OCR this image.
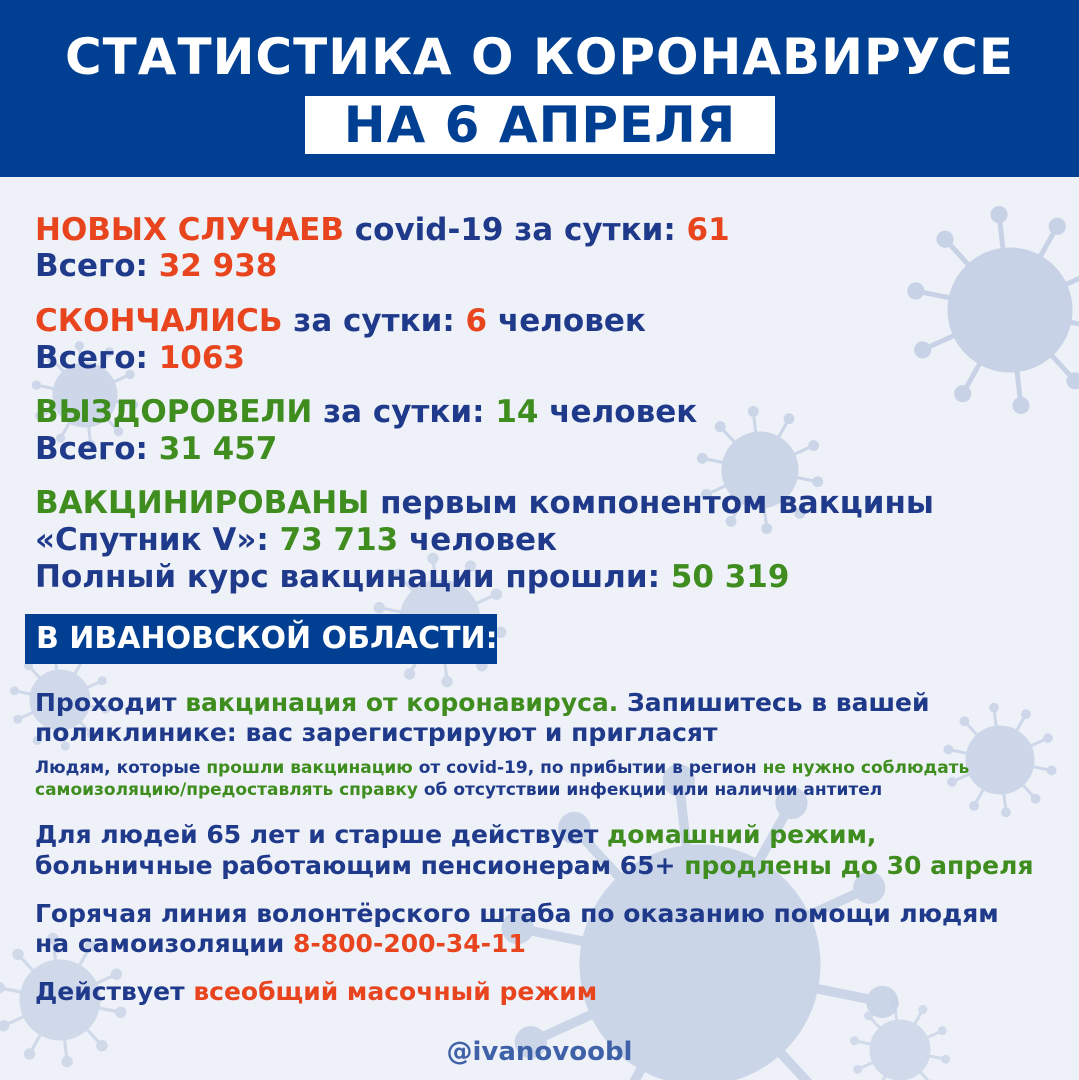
СТАТИСТИКА О КОРОНАВИРУСЕ
НА 6 АПРЕЛЯ
НОВЫХ СЛУЧАЕВ covid-19 за сутки: 61
Всего: 32 938
СКОНЧАЛИСЬ за сутки: 6 человек
Всего: 1063
ВЫЗДОРОВЕЛИ за сутки: 14 человек
Всего: 31 457
ВАКЦИНИРОВАНЫ первым компонентом вакцины
«Спутник V»: 73 713 человек
Полный курс вакцинации прошли: 50 319
В ИВАНОВСКОЙ ОБЛАСТИ:
Проходит вакцинация от коронавируса. Запишитесь в вашей
поликлинике: вас зарегистрируют и пригласят
Людям, которые прошли вакцинацию от covid-19, по прибытии в регион не нужно соблюдать
самоизоляцию/предоставлять справку об отсутствии инфекции или наличии антител
Для людей 65 лет и старше действует домашний режим,
больничные работающим пенсионерам 65+ продлены до 30 апреля
Горячая линия волонтёрского штаба по оказанию помощи людям
на самоизоляции 8-800-200-34-11
Действует всеобщий масочный режим
@ivanovoobl
